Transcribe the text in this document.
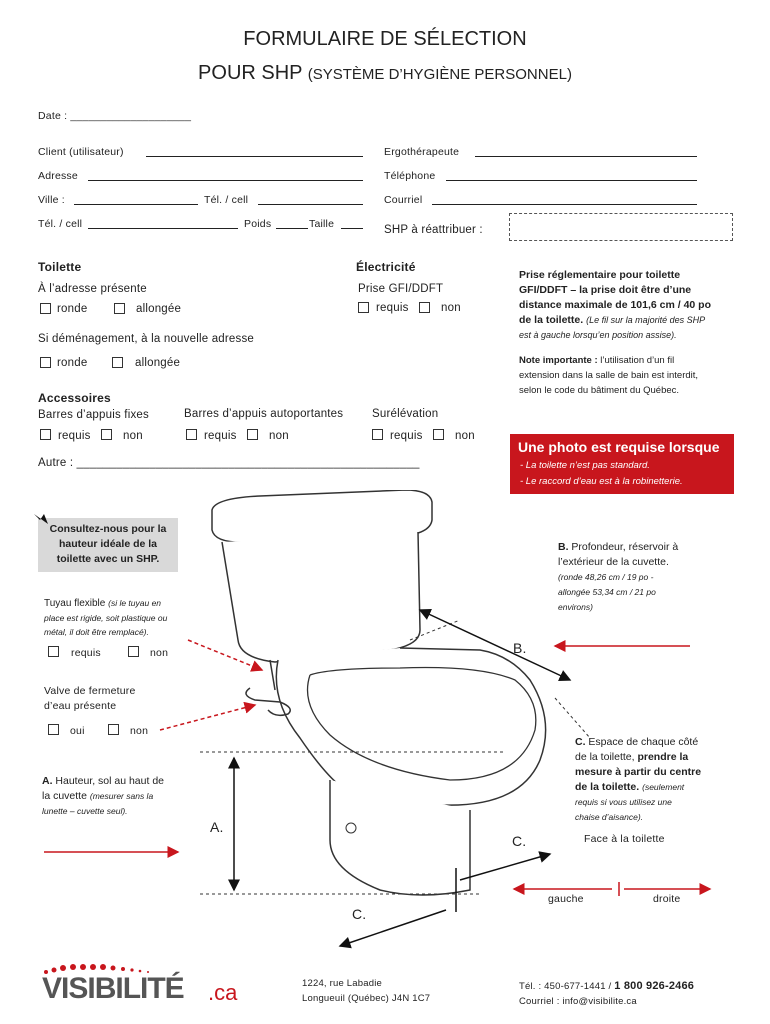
FORMULAIRE DE SÉLECTION
POUR SHP (SYSTÈME D’HYGIÈNE PERSONNEL)
Date : ____________________
Client (utilisateur)	Ergothérapeute
Adresse	Téléphone
Ville :	Tél. / cell	Courriel
Tél. / cell	Poids	Taille	SHP à réattribuer :
Toilette
À l’adresse présente
ronde	allongée
Si déménagement, à la nouvelle adresse
ronde	allongée
Électricité
Prise GFI/DDFT
requis	non
Prise réglementaire pour toilette
GFI/DDFT – la prise doit être d’une
distance maximale de 101,6 cm / 40 po
de la toilette. (Le fil sur la majorité des SHP
est à gauche lorsqu’en position assise).
Note importante : l’utilisation d’un fil
extension dans la salle de bain est interdit,
selon le code du bâtiment du Québec.
Accessoires
Barres d’appuis fixes	Barres d’appuis autoportantes	Surélévation
requis	non	requis	non	requis	non
Autre : ____________________________________________________
Une photo est requise lorsque
- La toilette n’est pas standard.
- Le raccord d’eau est à la robinetterie.
Consultez-nous pour la
hauteur idéale de la
toilette avec un SHP.
A.
B.
C.
C.
Tuyau flexible (si le tuyau en
place est rigide, soit plastique ou
métal, il doit être remplacé).
requis	non
Valve de fermeture
d’eau présente
oui	non
A. Hauteur, sol au haut de
la cuvette (mesurer sans la
lunette – cuvette seul).
B. Profondeur, réservoir à
l’extérieur de la cuvette.
(ronde 48,26 cm / 19 po -
allongée 53,34 cm / 21 po
environs)
C. Espace de chaque côté
de la toilette, prendre la
mesure à partir du centre
de la toilette. (seulement
requis si vous utilisez une
chaise d’aisance).
Face à la toilette
gauche	droite
VISIBILITÉ .ca	1224, rue Labadie
Longueuil (Québec) J4N 1C7
Tél. : 450-677-1441 / 1 800 926-2466
Courriel : info@visibilite.ca
